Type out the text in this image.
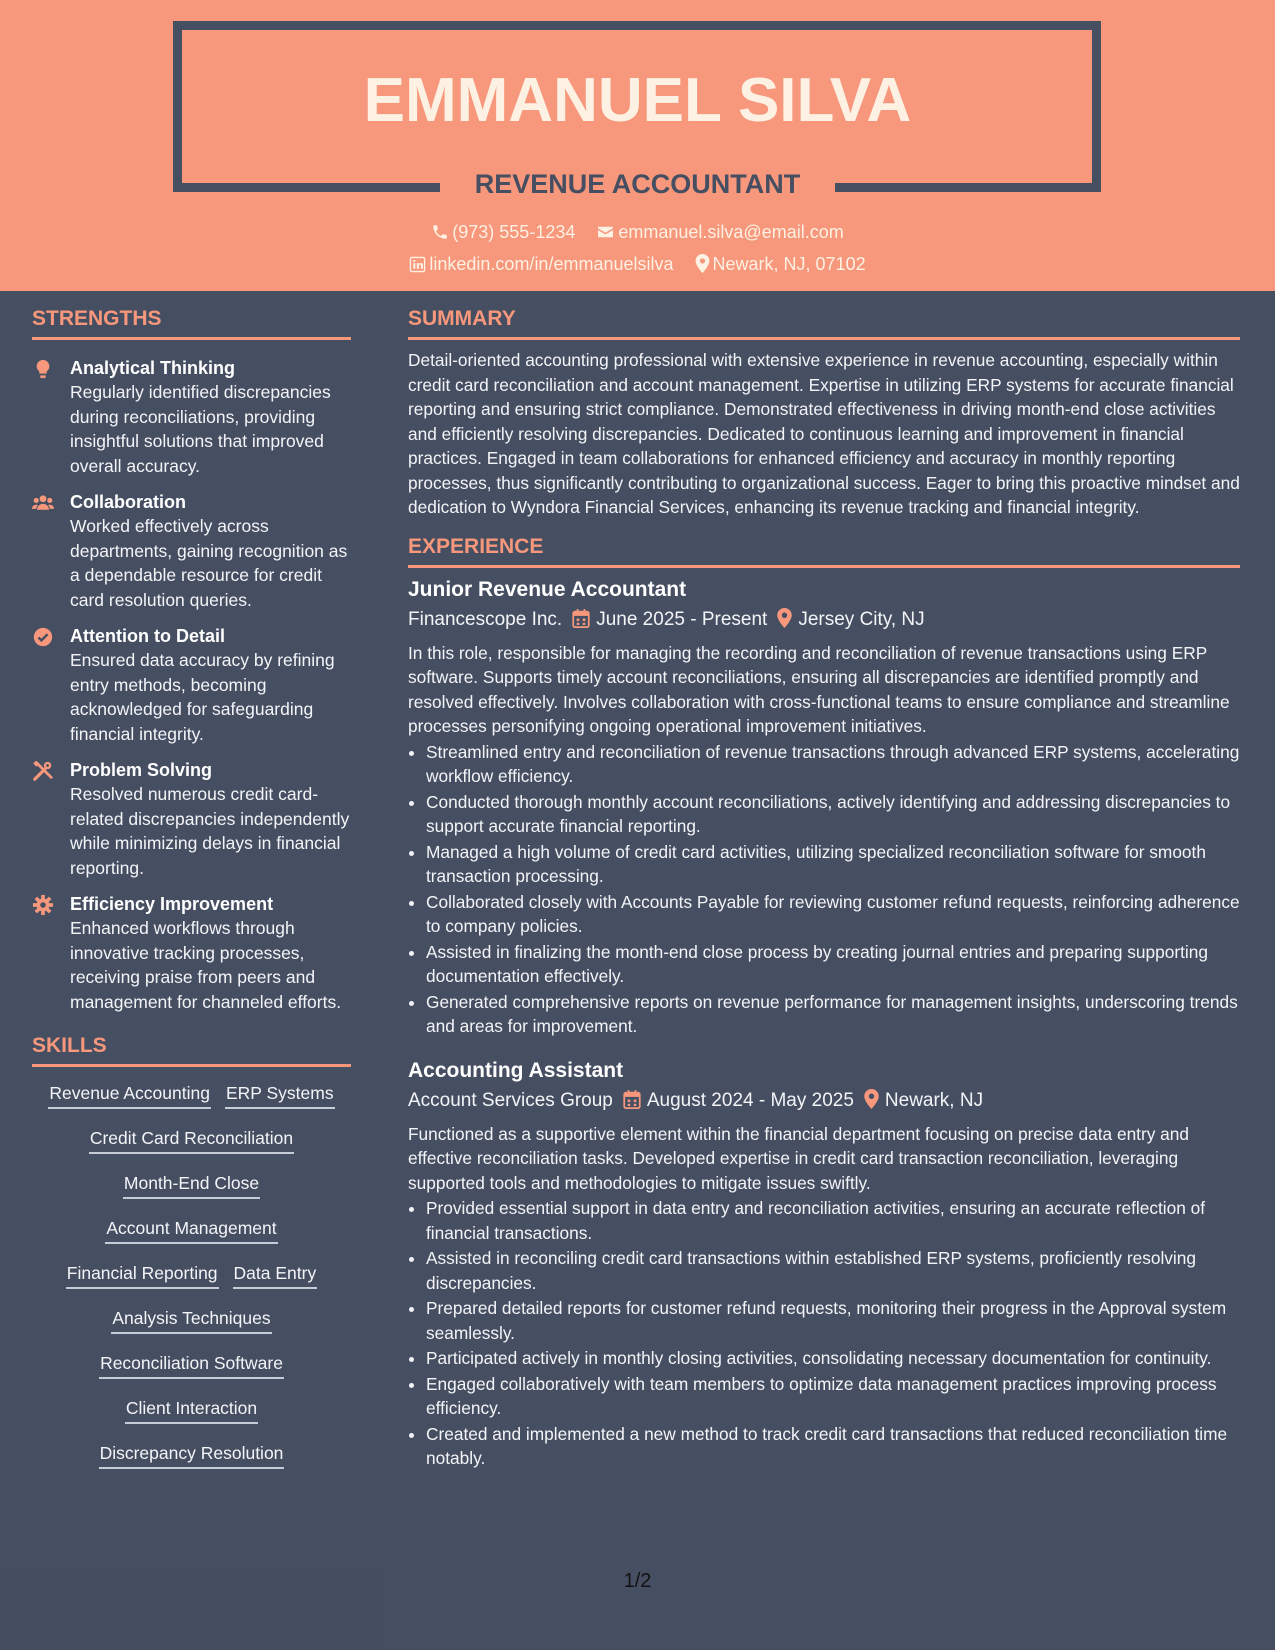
EMMANUEL SILVA
REVENUE ACCOUNTANT
(973) 555-1234 emmanuel.silva@email.com
linkedin.com/in/emmanuelsilva Newark, NJ, 07102
STRENGTHS
Analytical Thinking
Regularly identified discrepancies during reconciliations, providing insightful solutions that improved overall accuracy.
Collaboration
Worked effectively across departments, gaining recognition as a dependable resource for credit card resolution queries.
Attention to Detail
Ensured data accuracy by refining entry methods, becoming acknowledged for safeguarding financial integrity.
Problem Solving
Resolved numerous credit card-related discrepancies independently while minimizing delays in financial reporting.
Efficiency Improvement
Enhanced workflows through innovative tracking processes, receiving praise from peers and management for channeled efforts.
SKILLS
Revenue Accounting ERP Systems
Credit Card Reconciliation
Month-End Close
Account Management
Financial Reporting Data Entry
Analysis Techniques
Reconciliation Software
Client Interaction
Discrepancy Resolution
SUMMARY
Detail-oriented accounting professional with extensive experience in revenue accounting, especially within credit card reconciliation and account management. Expertise in utilizing ERP systems for accurate financial reporting and ensuring strict compliance. Demonstrated effectiveness in driving month-end close activities and efficiently resolving discrepancies. Dedicated to continuous learning and improvement in financial practices. Engaged in team collaborations for enhanced efficiency and accuracy in monthly reporting processes, thus significantly contributing to organizational success. Eager to bring this proactive mindset and dedication to Wyndora Financial Services, enhancing its revenue tracking and financial integrity.
EXPERIENCE
Junior Revenue Accountant
Financescope Inc. June 2025 - Present Jersey City, NJ
In this role, responsible for managing the recording and reconciliation of revenue transactions using ERP software. Supports timely account reconciliations, ensuring all discrepancies are identified promptly and resolved effectively. Involves collaboration with cross-functional teams to ensure compliance and streamline processes personifying ongoing operational improvement initiatives.
• Streamlined entry and reconciliation of revenue transactions through advanced ERP systems, accelerating workflow efficiency.
• Conducted thorough monthly account reconciliations, actively identifying and addressing discrepancies to support accurate financial reporting.
• Managed a high volume of credit card activities, utilizing specialized reconciliation software for smooth transaction processing.
• Collaborated closely with Accounts Payable for reviewing customer refund requests, reinforcing adherence to company policies.
• Assisted in finalizing the month-end close process by creating journal entries and preparing supporting documentation effectively.
• Generated comprehensive reports on revenue performance for management insights, underscoring trends and areas for improvement.
Accounting Assistant
Account Services Group August 2024 - May 2025 Newark, NJ
Functioned as a supportive element within the financial department focusing on precise data entry and effective reconciliation tasks. Developed expertise in credit card transaction reconciliation, leveraging supported tools and methodologies to mitigate issues swiftly.
• Provided essential support in data entry and reconciliation activities, ensuring an accurate reflection of financial transactions.
• Assisted in reconciling credit card transactions within established ERP systems, proficiently resolving discrepancies.
• Prepared detailed reports for customer refund requests, monitoring their progress in the Approval system seamlessly.
• Participated actively in monthly closing activities, consolidating necessary documentation for continuity.
• Engaged collaboratively with team members to optimize data management practices improving process efficiency.
• Created and implemented a new method to track credit card transactions that reduced reconciliation time notably.
1/2
